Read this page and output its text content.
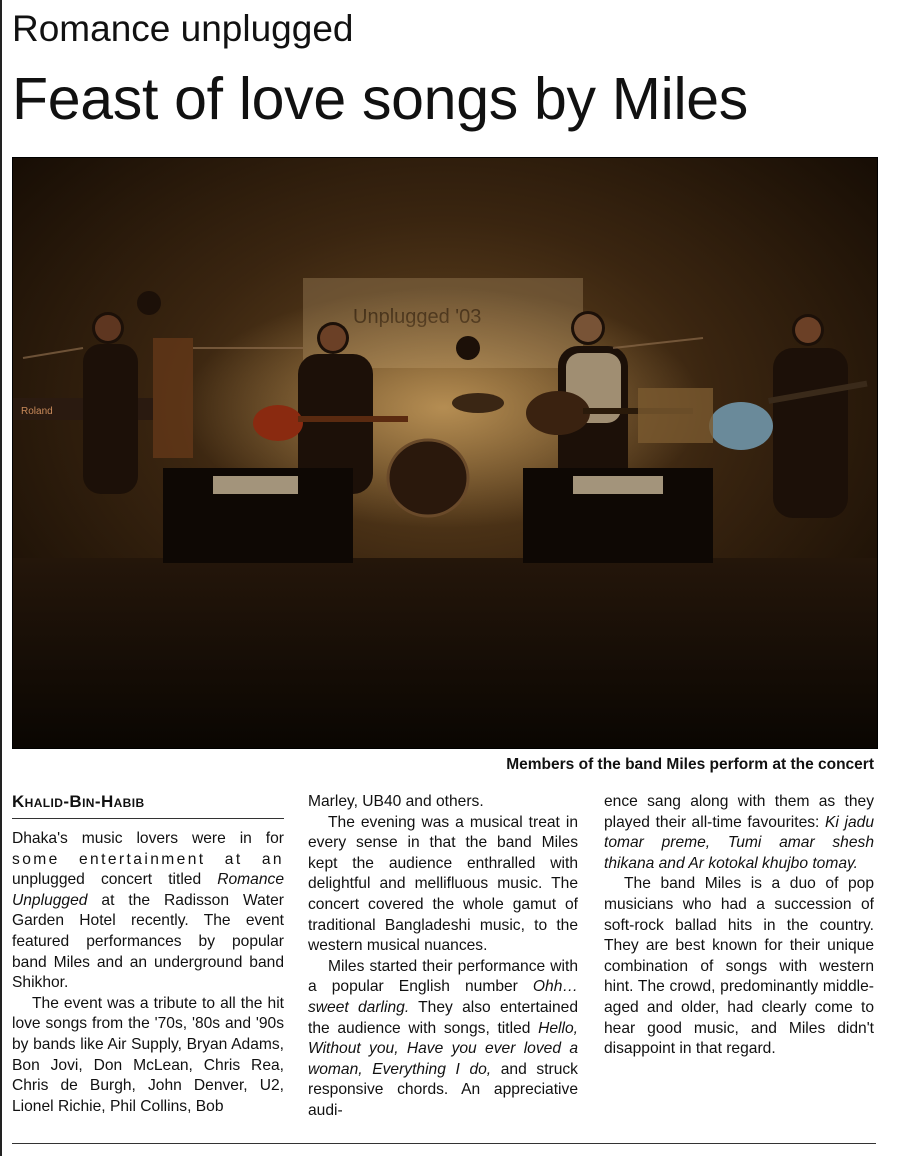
Romance unplugged
Feast of love songs by Miles
Roland
Members of the band Miles perform at the concert
Khalid-Bin-Habib

Dhaka's music lovers were in for some entertainment at an unplugged concert titled Romance Unplugged at the Radisson Water Garden Hotel recently. The event featured performances by popular band Miles and an underground band Shikhor.

The event was a tribute to all the hit love songs from the '70s, '80s and '90s by bands like Air Supply, Bryan Adams, Bon Jovi, Don McLean, Chris Rea, Chris de Burgh, John Denver, U2, Lionel Richie, Phil Collins, Bob

Marley, UB40 and others.

The evening was a musical treat in every sense in that the band Miles kept the audience enthralled with delightful and mellifluous music. The concert covered the whole gamut of traditional Bangladeshi music, to the western musical nuances.

Miles started their performance with a popular English number Ohh… sweet darling. They also entertained the audience with songs, titled Hello, Without you, Have you ever loved a woman, Everything I do, and struck responsive chords. An appreciative audi-

ence sang along with them as they played their all-time favourites: Ki jadu tomar preme, Tumi amar shesh thikana and Ar kotokal khujbo tomay.

The band Miles is a duo of pop musicians who had a succession of soft-rock ballad hits in the country. They are best known for their unique combination of songs with western hint. The crowd, predominantly middle-aged and older, had clearly come to hear good music, and Miles didn't disappoint in that regard.
